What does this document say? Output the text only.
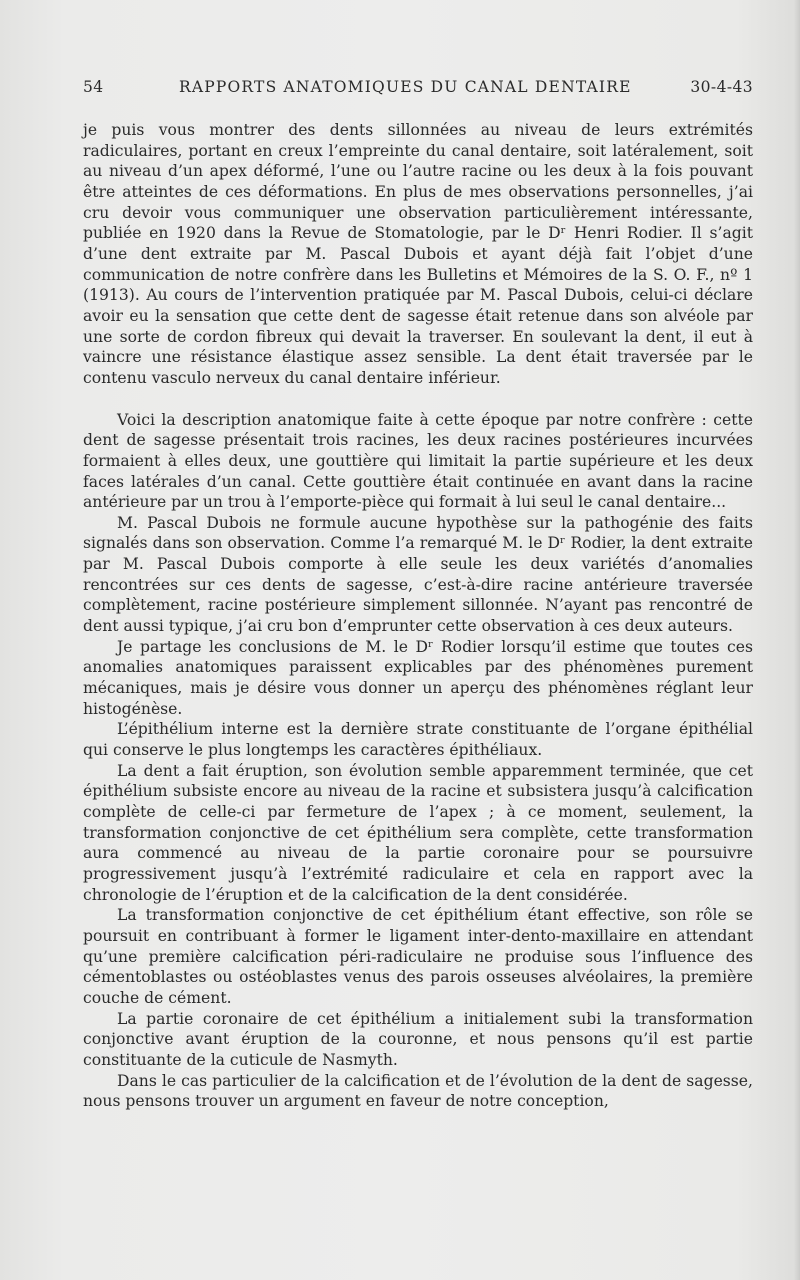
54	RAPPORTS ANATOMIQUES DU CANAL DENTAIRE	30-4-43

je puis vous montrer des dents sillonnées au niveau de leurs extrémités radiculaires, portant en creux l’empreinte du canal dentaire, soit latéralement, soit au niveau d’un apex déformé, l’une ou l’autre racine ou les deux à la fois pouvant être atteintes de ces déformations. En plus de mes observations personnelles, j’ai cru devoir vous communiquer une observation particulièrement intéressante, publiée en 1920 dans la Revue de Stomatologie, par le Dʳ Henri Rodier. Il s’agit d’une dent extraite par M. Pascal Dubois et ayant déjà fait l’objet d’une communication de notre confrère dans les Bulletins et Mémoires de la S. O. F., nº 1 (1913). Au cours de l’intervention pratiquée par M. Pascal Dubois, celui-ci déclare avoir eu la sensation que cette dent de sagesse était retenue dans son alvéole par une sorte de cordon fibreux qui devait la traverser. En soulevant la dent, il eut à vaincre une résistance élastique assez sensible. La dent était traversée par le contenu vasculo nerveux du canal dentaire inférieur.

Voici la description anatomique faite à cette époque par notre confrère : cette dent de sagesse présentait trois racines, les deux racines postérieures incurvées formaient à elles deux, une gouttière qui limitait la partie supérieure et les deux faces latérales d’un canal. Cette gouttière était continuée en avant dans la racine antérieure par un trou à l’emporte-pièce qui formait à lui seul le canal dentaire...

M. Pascal Dubois ne formule aucune hypothèse sur la pathogénie des faits signalés dans son observation. Comme l’a remarqué M. le Dʳ Rodier, la dent extraite par M. Pascal Dubois comporte à elle seule les deux variétés d’anomalies rencontrées sur ces dents de sagesse, c’est-à-dire racine antérieure traversée complètement, racine postérieure simplement sillonnée. N’ayant pas rencontré de dent aussi typique, j’ai cru bon d’emprunter cette observation à ces deux auteurs.

Je partage les conclusions de M. le Dʳ Rodier lorsqu’il estime que toutes ces anomalies anatomiques paraissent explicables par des phénomènes purement mécaniques, mais je désire vous donner un aperçu des phénomènes réglant leur histogénèse.

L’épithélium interne est la dernière strate constituante de l’organe épithélial qui conserve le plus longtemps les caractères épithéliaux.

La dent a fait éruption, son évolution semble apparemment terminée, que cet épithélium subsiste encore au niveau de la racine et subsistera jusqu’à calcification complète de celle-ci par fermeture de l’apex ; à ce moment, seulement, la transformation conjonctive de cet épithélium sera complète, cette transformation aura commencé au niveau de la partie coronaire pour se poursuivre progressivement jusqu’à l’extrémité radiculaire et cela en rapport avec la chronologie de l’éruption et de la calcification de la dent considérée.

La transformation conjonctive de cet épithélium étant effective, son rôle se poursuit en contribuant à former le ligament inter-dento-maxillaire en attendant qu’une première calcification péri-radiculaire ne produise sous l’influence des cémentoblastes ou ostéoblastes venus des parois osseuses alvéolaires, la première couche de cément.

La partie coronaire de cet épithélium a initialement subi la transformation conjonctive avant éruption de la couronne, et nous pensons qu’il est partie constituante de la cuticule de Nasmyth.

Dans le cas particulier de la calcification et de l’évolution de la dent de sagesse, nous pensons trouver un argument en faveur de notre conception,
